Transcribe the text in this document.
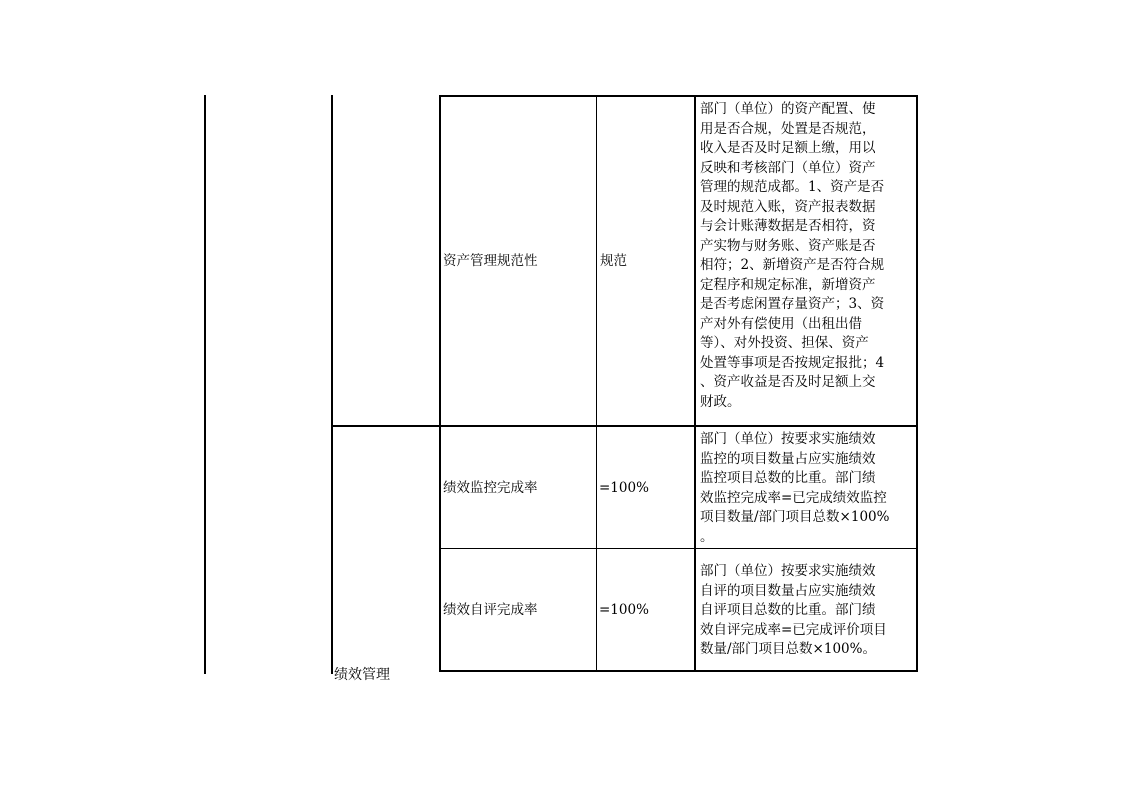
绩效管理
资产管理规范性	规范
部门（单位）的资产配置、使
用是否合规，处置是否规范，
收入是否及时足额上缴，用以
反映和考核部门（单位）资产
管理的规范成都。1、资产是否
及时规范入账，资产报表数据
与会计账薄数据是否相符，资
产实物与财务账、资产账是否
相符；2、新增资产是否符合规
定程序和规定标准，新增资产
是否考虑闲置存量资产；3、资
产对外有偿使用（出租出借
等）、对外投资、担保、资产
处置等事项是否按规定报批；4
、资产收益是否及时足额上交
财政。
绩效监控完成率	=100%
部门（单位）按要求实施绩效
监控的项目数量占应实施绩效
监控项目总数的比重。部门绩
效监控完成率=已完成绩效监控
项目数量/部门项目总数×100%
。
绩效自评完成率	=100%
部门（单位）按要求实施绩效
自评的项目数量占应实施绩效
自评项目总数的比重。部门绩
效自评完成率=已完成评价项目
数量/部门项目总数×100%。
